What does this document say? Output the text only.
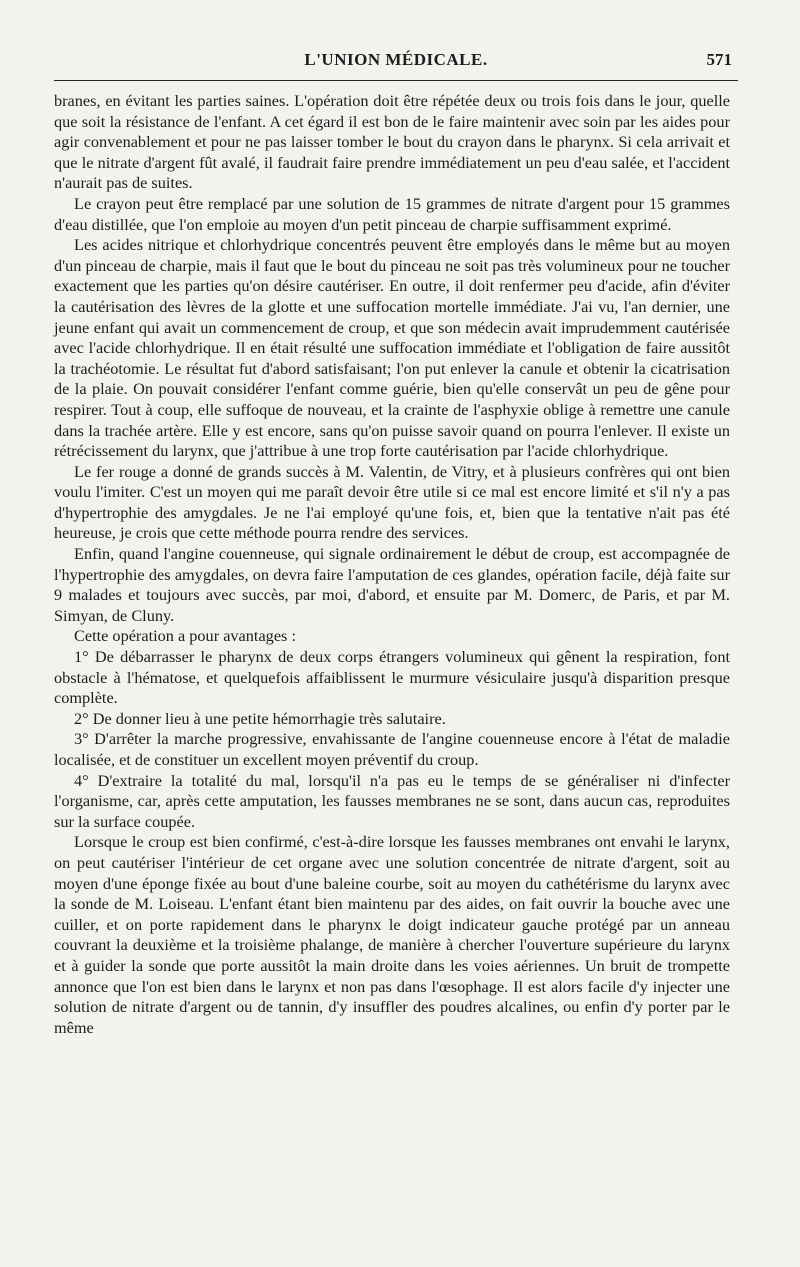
L'UNION MÉDICALE.	571

branes, en évitant les parties saines. L'opération doit être répétée deux ou trois fois dans le jour, quelle que soit la résistance de l'enfant. A cet égard il est bon de le faire maintenir avec soin par les aides pour agir convenablement et pour ne pas laisser tomber le bout du crayon dans le pharynx. Si cela arrivait et que le nitrate d'argent fût avalé, il faudrait faire prendre immédiatement un peu d'eau salée, et l'accident n'aurait pas de suites.

Le crayon peut être remplacé par une solution de 15 grammes de nitrate d'argent pour 15 grammes d'eau distillée, que l'on emploie au moyen d'un petit pinceau de charpie suffisamment exprimé.

Les acides nitrique et chlorhydrique concentrés peuvent être employés dans le même but au moyen d'un pinceau de charpie, mais il faut que le bout du pinceau ne soit pas très volumineux pour ne toucher exactement que les parties qu'on désire cautériser. En outre, il doit renfermer peu d'acide, afin d'éviter la cautérisation des lèvres de la glotte et une suffocation mortelle immédiate. J'ai vu, l'an dernier, une jeune enfant qui avait un commencement de croup, et que son médecin avait imprudemment cautérisée avec l'acide chlorhydrique. Il en était résulté une suffocation immédiate et l'obligation de faire aussitôt la trachéotomie. Le résultat fut d'abord satisfaisant; l'on put enlever la canule et obtenir la cicatrisation de la plaie. On pouvait considérer l'enfant comme guérie, bien qu'elle conservât un peu de gêne pour respirer. Tout à coup, elle suffoque de nouveau, et la crainte de l'asphyxie oblige à remettre une canule dans la trachée artère. Elle y est encore, sans qu'on puisse savoir quand on pourra l'enlever. Il existe un rétrécissement du larynx, que j'attribue à une trop forte cautérisation par l'acide chlorhydrique.

Le fer rouge a donné de grands succès à M. Valentin, de Vitry, et à plusieurs confrères qui ont bien voulu l'imiter. C'est un moyen qui me paraît devoir être utile si ce mal est encore limité et s'il n'y a pas d'hypertrophie des amygdales. Je ne l'ai employé qu'une fois, et, bien que la tentative n'ait pas été heureuse, je crois que cette méthode pourra rendre des services.

Enfin, quand l'angine couenneuse, qui signale ordinairement le début de croup, est accompagnée de l'hypertrophie des amygdales, on devra faire l'amputation de ces glandes, opération facile, déjà faite sur 9 malades et toujours avec succès, par moi, d'abord, et ensuite par M. Domerc, de Paris, et par M. Simyan, de Cluny.

Cette opération a pour avantages :

1° De débarrasser le pharynx de deux corps étrangers volumineux qui gênent la respiration, font obstacle à l'hématose, et quelquefois affaiblissent le murmure vésiculaire jusqu'à disparition presque complète.

2° De donner lieu à une petite hémorrhagie très salutaire.

3° D'arrêter la marche progressive, envahissante de l'angine couenneuse encore à l'état de maladie localisée, et de constituer un excellent moyen préventif du croup.

4° D'extraire la totalité du mal, lorsqu'il n'a pas eu le temps de se généraliser ni d'infecter l'organisme, car, après cette amputation, les fausses membranes ne se sont, dans aucun cas, reproduites sur la surface coupée.

Lorsque le croup est bien confirmé, c'est-à-dire lorsque les fausses membranes ont envahi le larynx, on peut cautériser l'intérieur de cet organe avec une solution concentrée de nitrate d'argent, soit au moyen d'une éponge fixée au bout d'une baleine courbe, soit au moyen du cathétérisme du larynx avec la sonde de M. Loiseau. L'enfant étant bien maintenu par des aides, on fait ouvrir la bouche avec une cuiller, et on porte rapidement dans le pharynx le doigt indicateur gauche protégé par un anneau couvrant la deuxième et la troisième phalange, de manière à chercher l'ouverture supérieure du larynx et à guider la sonde que porte aussitôt la main droite dans les voies aériennes. Un bruit de trompette annonce que l'on est bien dans le larynx et non pas dans l'œsophage. Il est alors facile d'y injecter une solution de nitrate d'argent ou de tannin, d'y insuffler des poudres alcalines, ou enfin d'y porter par le même
